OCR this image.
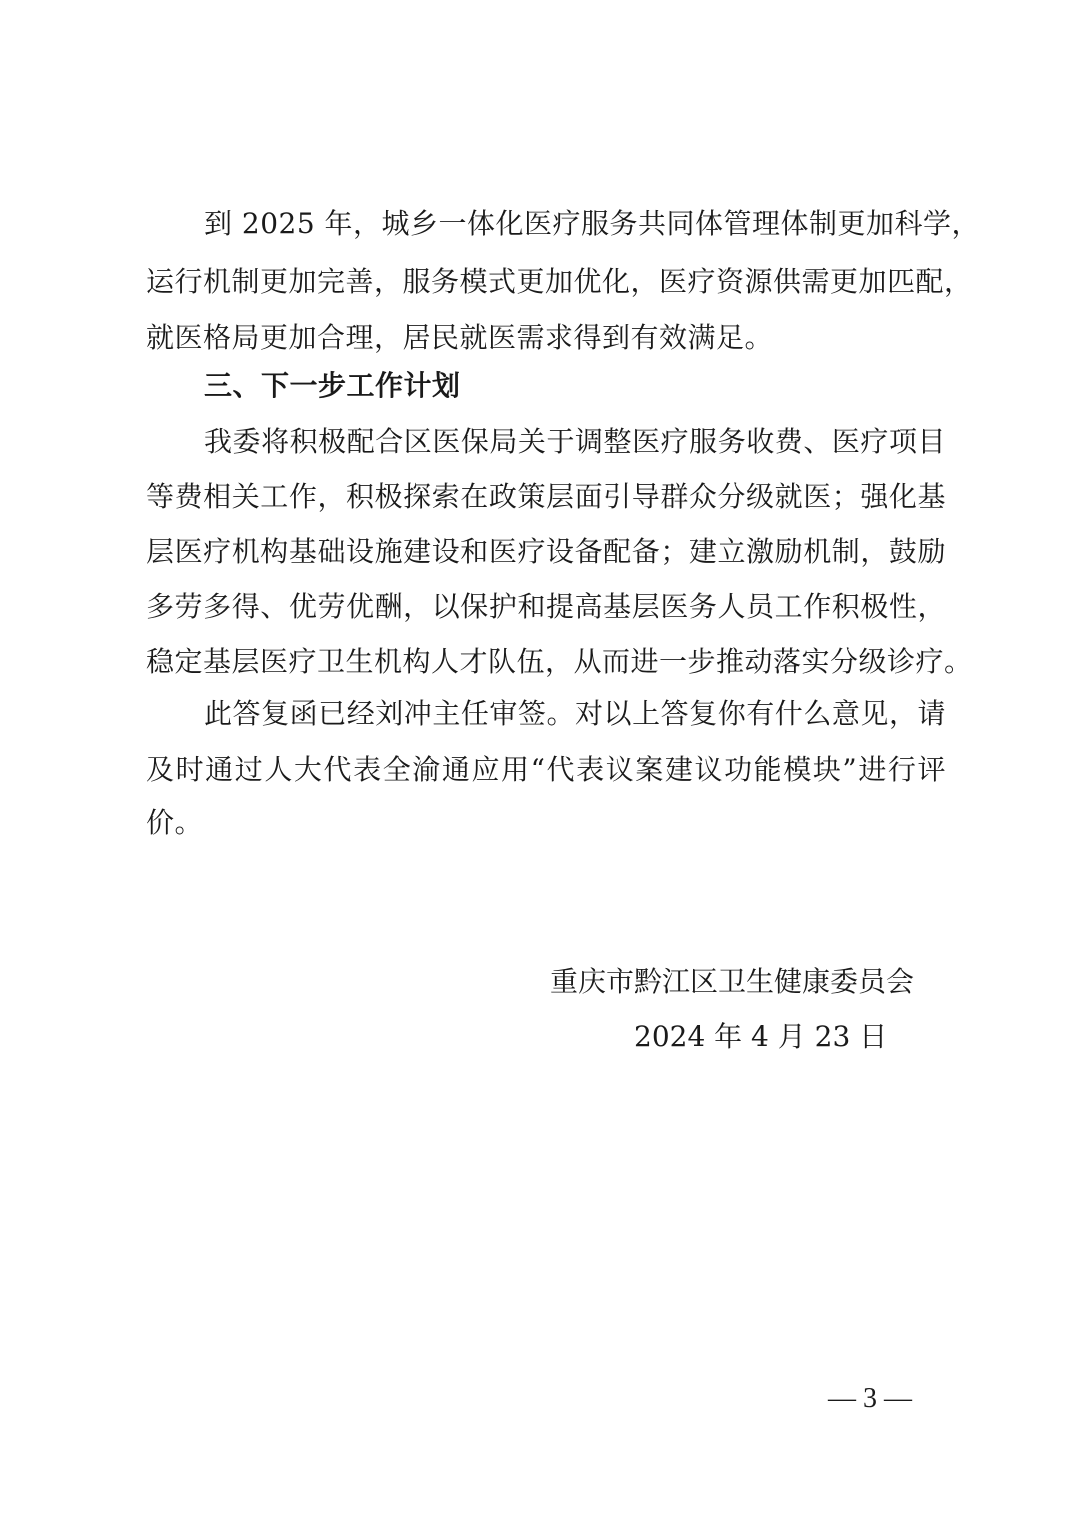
到 2025 年，城乡一体化医疗服务共同体管理体制更加科学，
运行机制更加完善，服务模式更加优化，医疗资源供需更加匹配，
就医格局更加合理，居民就医需求得到有效满足。
三、下一步工作计划
我委将积极配合区医保局关于调整医疗服务收费、医疗项目
等费相关工作，积极探索在政策层面引导群众分级就医；强化基
层医疗机构基础设施建设和医疗设备配备；建立激励机制，鼓励
多劳多得、优劳优酬，以保护和提高基层医务人员工作积极性，
稳定基层医疗卫生机构人才队伍，从而进一步推动落实分级诊疗。
此答复函已经刘冲主任审签。对以上答复你有什么意见，请
及时通过人大代表全渝通应用“代表议案建议功能模块”进行评
价。
重庆市黔江区卫生健康委员会
2024 年 4 月 23 日
— 3 —
